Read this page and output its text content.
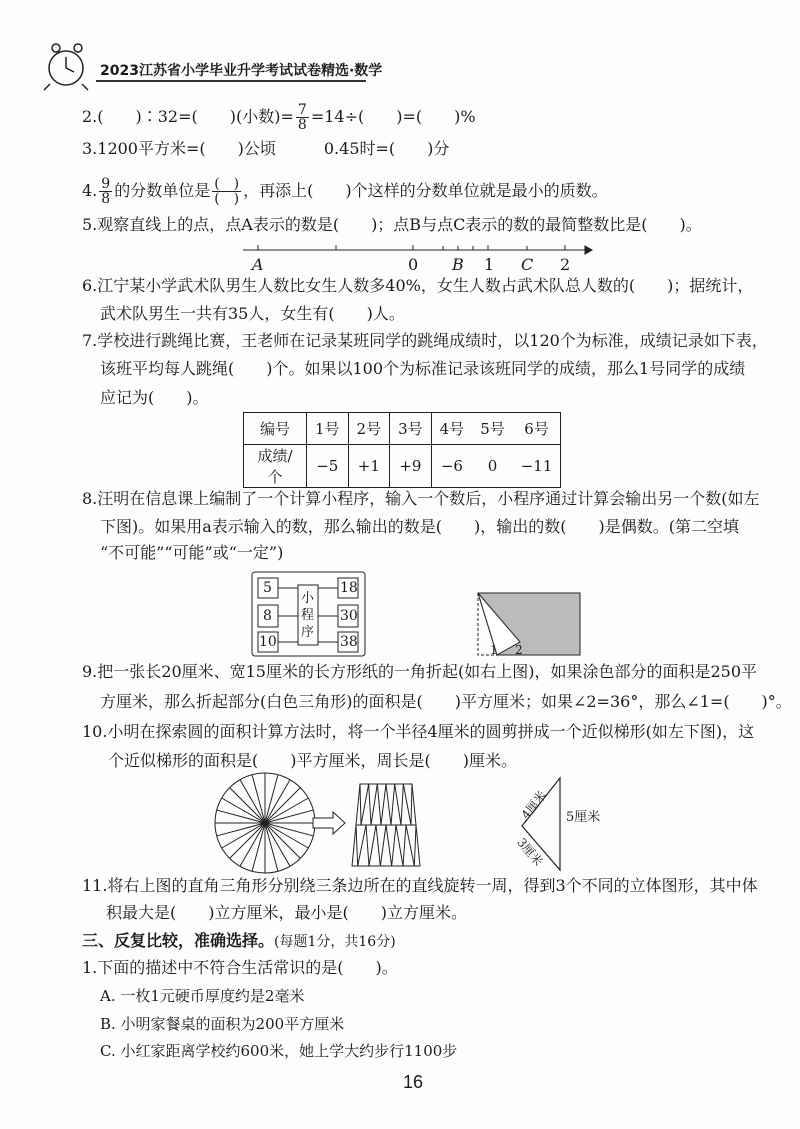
2023江苏省小学毕业升学考试试卷精选·数学
2.(　　)∶32=(　　)(小数)= $\frac{7}{8} =14\div$(　　)=(　　)%
3.1200平方米=(　　)公顷　　　0.45时=(　　)分
4. $\frac{9}{8}$ 的分数单位是 $\frac{( )}{( )}$ ，再添上(　　)个这样的分数单位就是最小的质数。
5.观察直线上的点，点A表示的数是(　　)；点B与点C表示的数的最简整数比是(　　)。
A	0 B 1 C 2
6.江宁某小学武术队男生人数比女生人数多40%，女生人数占武术队总人数的(　　)；据统计，
武术队男生一共有35人，女生有(　　)人。
7.学校进行跳绳比赛，王老师在记录某班同学的跳绳成绩时，以120个为标准，成绩记录如下表，
该班平均每人跳绳(　　)个。如果以100个为标准记录该班同学的成绩，那么1号同学的成绩
应记为(　　)。
编号	1号	2号	3号	4号	5号	6号
成绩/个	−5	+1	+9	−6	0	−11
8.汪明在信息课上编制了一个计算小程序，输入一个数后，小程序通过计算会输出另一个数(如左
下图)。如果用a表示输入的数，那么输出的数是(　　)，输出的数(　　)是偶数。(第二空填
“不可能”“可能”或“一定”)
5
8
10
18
30
38
小程序
1 2
9.把一张长20厘米、宽15厘米的长方形纸的一角折起(如右上图)，如果涂色部分的面积是250平
方厘米，那么折起部分(白色三角形)的面积是(　　)平方厘米；如果∠2=36°，那么∠1=(　　)°。
10.小明在探索圆的面积计算方法时，将一个半径4厘米的圆剪拼成一个近似梯形(如左下图)，这
个近似梯形的面积是(　　)平方厘米，周长是(　　)厘米。
4厘米
3厘米
5厘米
11.将右上图的直角三角形分别绕三条边所在的直线旋转一周，得到3个不同的立体图形，其中体
积最大是(　　)立方厘米，最小是(　　)立方厘米。
三、反复比较，准确选择。(每题1分，共16分)
1.下面的描述中不符合生活常识的是(　　)。
A. 一枚1元硬币厚度约是2毫米
B. 小明家餐桌的面积为200平方厘米
C. 小红家距离学校约600米，她上学大约步行1100步
16
